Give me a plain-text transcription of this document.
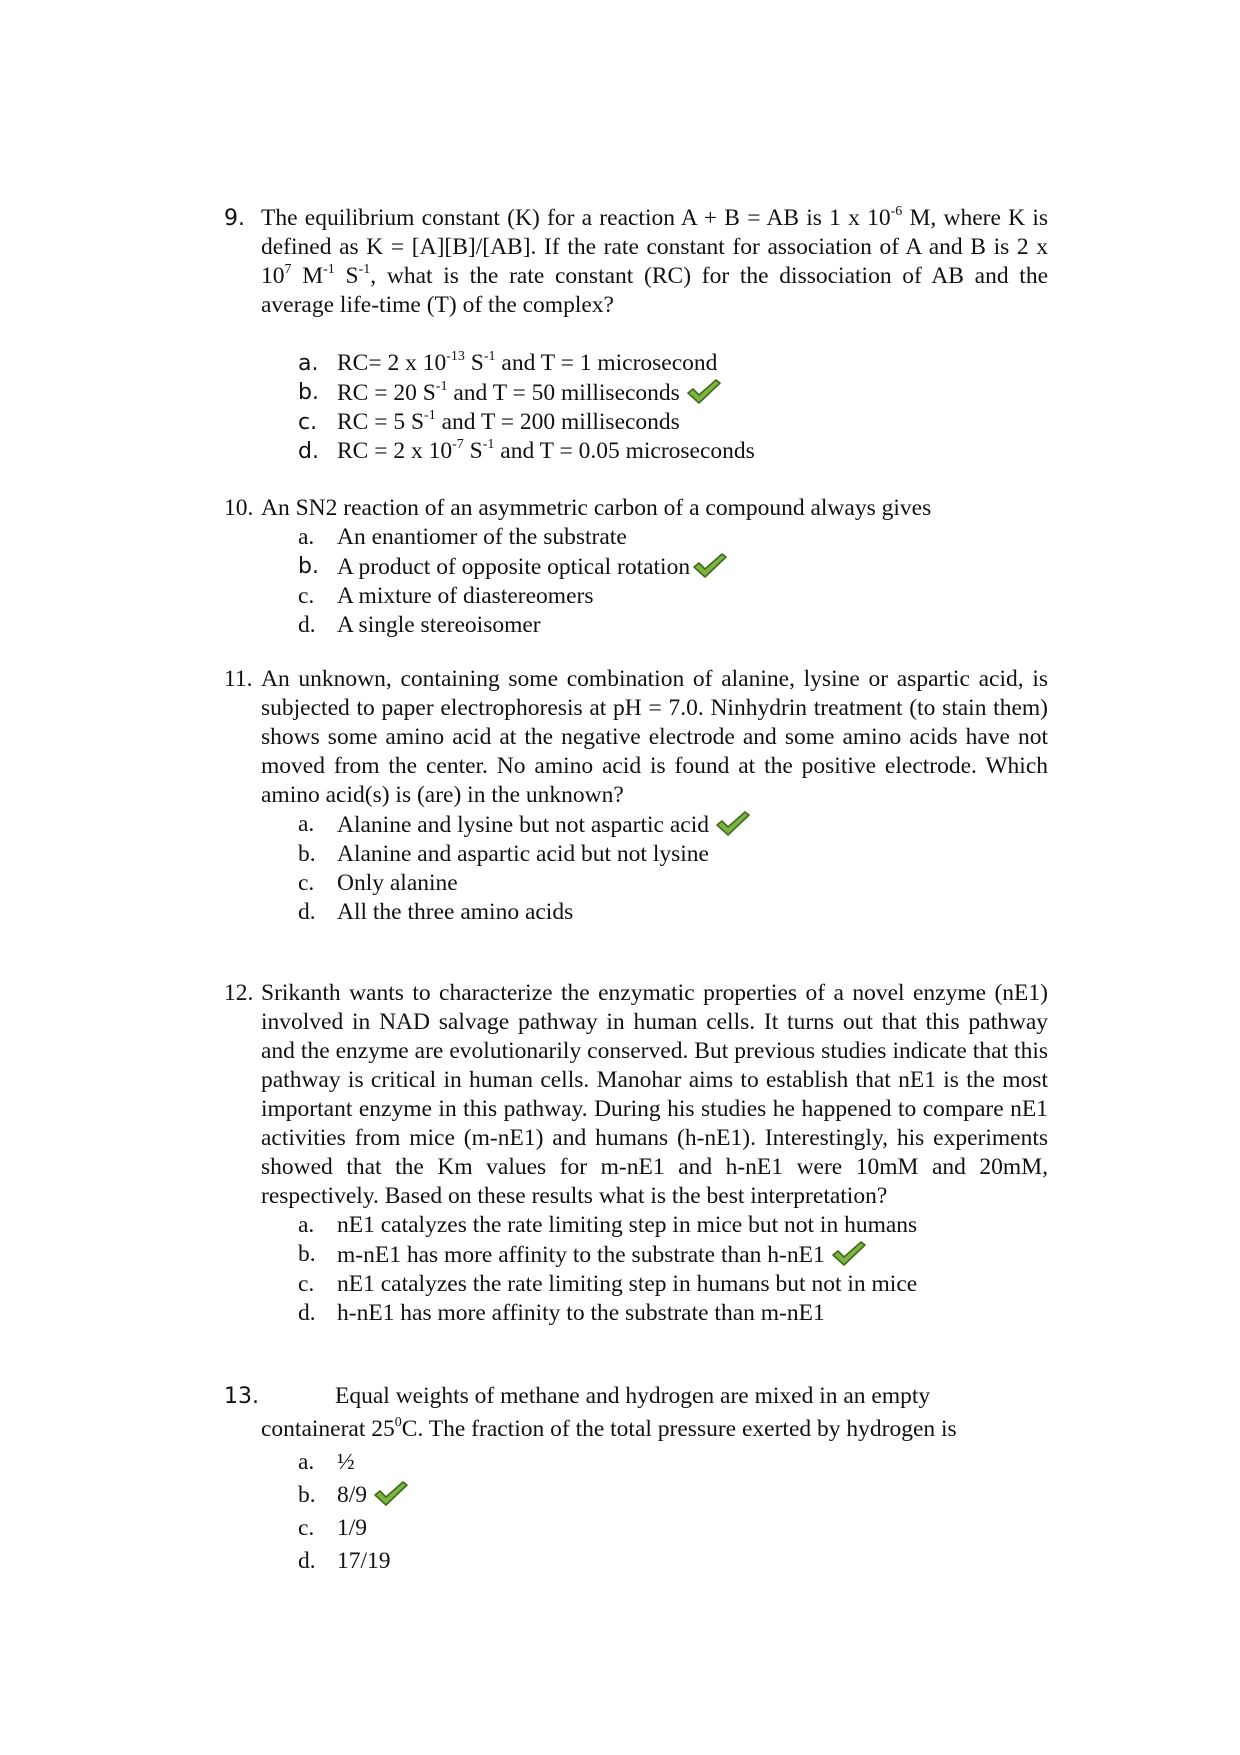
9. The equilibrium constant (K) for a reaction A + B = AB is 1 x $10^{-6}$ M, where K is defined as K = [A][B]/[AB]. If the rate constant for association of A and B is 2 x $10^7$ $M^{-1}$ $S^{-1}$, what is the rate constant (RC) for the dissociation of AB and the average life-time (T) of the complex?
a. RC= 2 x $10^{-13}$ $S^{-1}$ and T = 1 microsecond
b. RC = 20 $S^{-1}$ and T = 50 milliseconds
c. RC = 5 $S^{-1}$ and T = 200 milliseconds
d. RC = 2 x $10^{-7}$ $S^{-1}$ and T = 0.05 microseconds
10. An SN2 reaction of an asymmetric carbon of a compound always gives
a. An enantiomer of the substrate
b. A product of opposite optical rotation
c. A mixture of diastereomers
d. A single stereoisomer
11. An unknown, containing some combination of alanine, lysine or aspartic acid, is subjected to paper electrophoresis at pH = 7.0. Ninhydrin treatment (to stain them) shows some amino acid at the negative electrode and some amino acids have not moved from the center. No amino acid is found at the positive electrode. Which amino acid(s) is (are) in the unknown?
a. Alanine and lysine but not aspartic acid
b. Alanine and aspartic acid but not lysine
c. Only alanine
d. All the three amino acids
12. Srikanth wants to characterize the enzymatic properties of a novel enzyme (nE1) involved in NAD salvage pathway in human cells. It turns out that this pathway and the enzyme are evolutionarily conserved. But previous studies indicate that this pathway is critical in human cells. Manohar aims to establish that nE1 is the most important enzyme in this pathway. During his studies he happened to compare nE1 activities from mice (m-nE1) and humans (h-nE1). Interestingly, his experiments showed that the Km values for m-nE1 and h-nE1 were 10mM and 20mM, respectively. Based on these results what is the best interpretation?
a. nE1 catalyzes the rate limiting step in mice but not in humans
b. m-nE1 has more affinity to the substrate than h-nE1
c. nE1 catalyzes the rate limiting step in humans but not in mice
d. h-nE1 has more affinity to the substrate than m-nE1
13.	Equal weights of methane and hydrogen are mixed in an empty
containerat $25^0C$. The fraction of the total pressure exerted by hydrogen is
a. ½
b. 8/9
c. 1/9
d. 17/19
